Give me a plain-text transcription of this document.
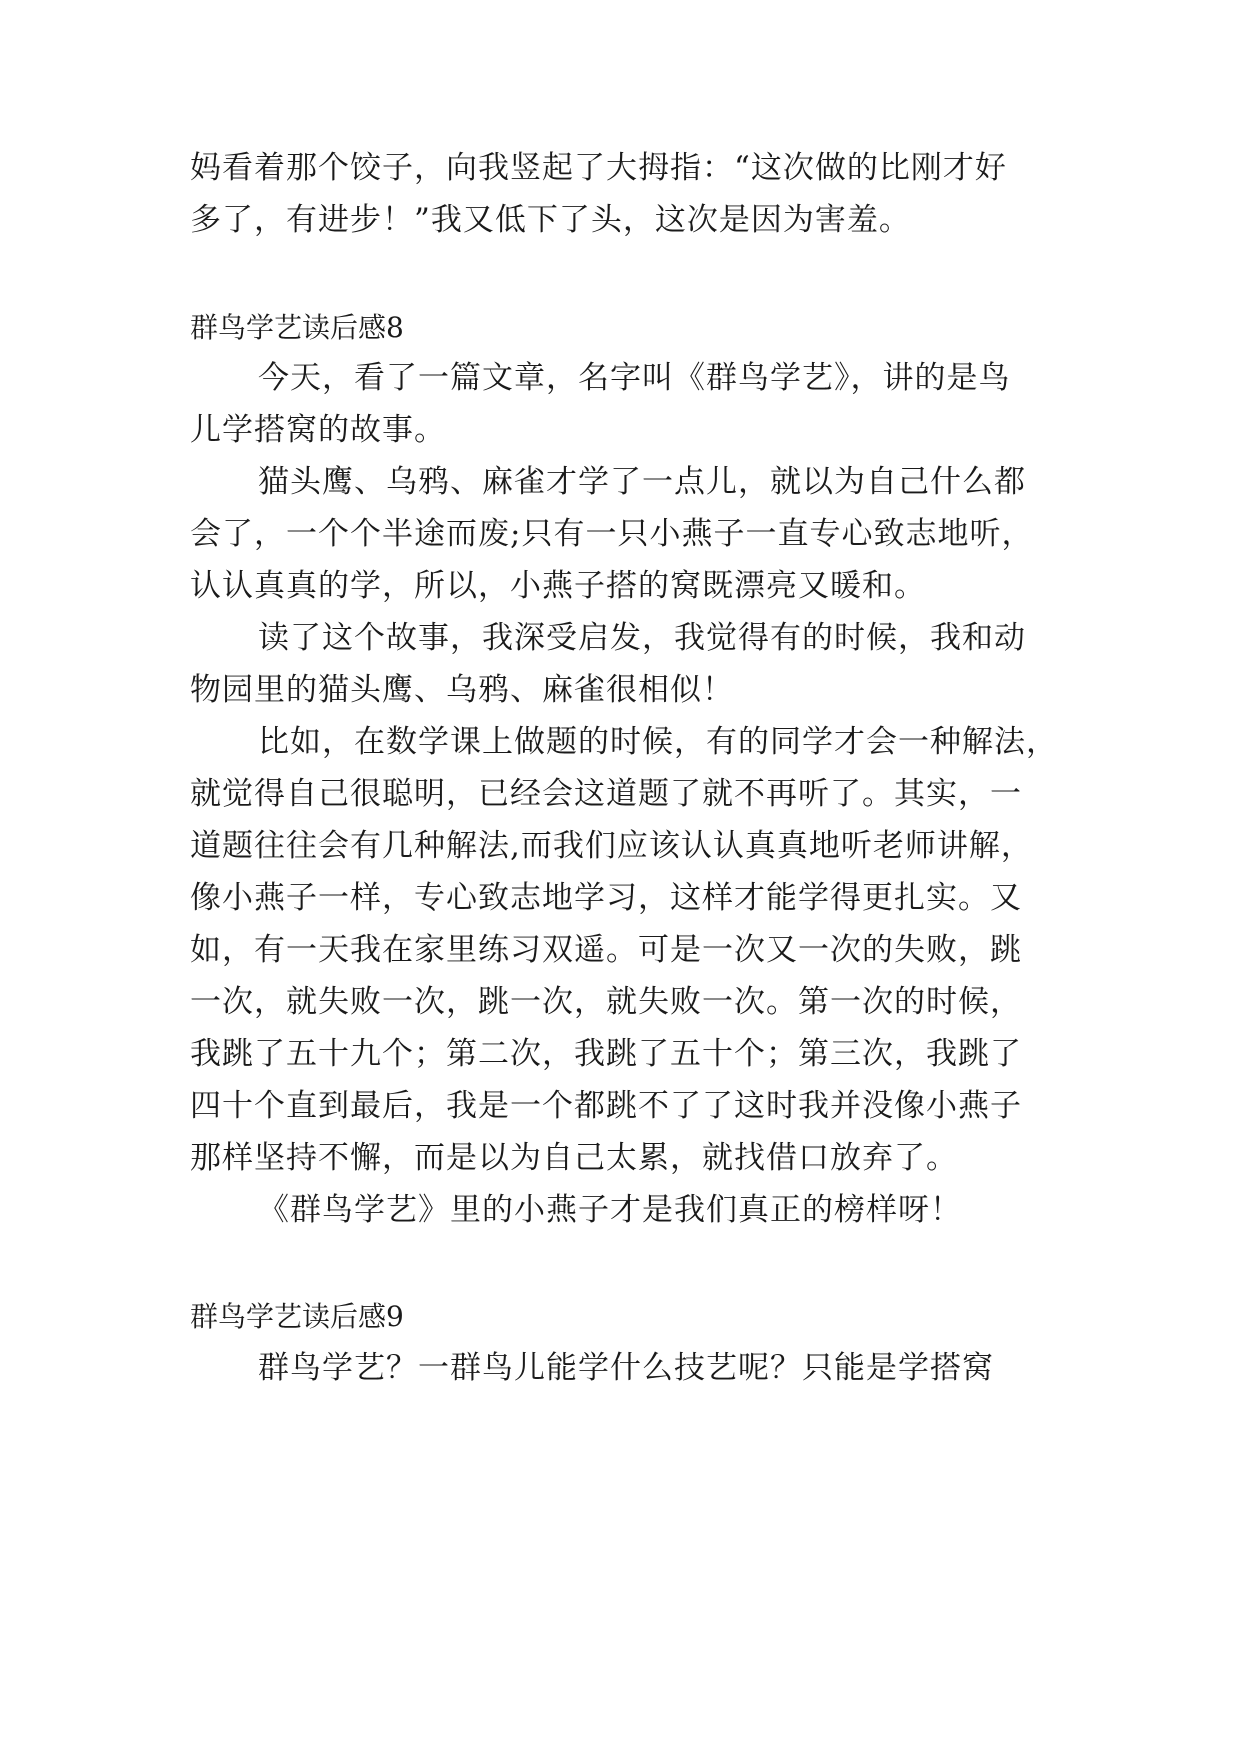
妈看着那个饺子，向我竖起了大拇指：“这次做的比刚才好
多了，有进步！”我又低下了头，这次是因为害羞。
群鸟学艺读后感8
今天，看了一篇文章，名字叫《群鸟学艺》，讲的是鸟
儿学搭窝的故事。
猫头鹰、乌鸦、麻雀才学了一点儿，就以为自己什么都
会了，一个个半途而废;只有一只小燕子一直专心致志地听，
认认真真的学，所以，小燕子搭的窝既漂亮又暖和。
读了这个故事，我深受启发，我觉得有的时候，我和动
物园里的猫头鹰、乌鸦、麻雀很相似！
比如，在数学课上做题的时候，有的同学才会一种解法，
就觉得自己很聪明，已经会这道题了就不再听了。其实，一
道题往往会有几种解法,而我们应该认认真真地听老师讲解，
像小燕子一样，专心致志地学习，这样才能学得更扎实。又
如，有一天我在家里练习双遥。可是一次又一次的失败，跳
一次，就失败一次，跳一次，就失败一次。第一次的时候，
我跳了五十九个；第二次，我跳了五十个；第三次，我跳了
四十个直到最后，我是一个都跳不了了这时我并没像小燕子
那样坚持不懈，而是以为自己太累，就找借口放弃了。
《群鸟学艺》里的小燕子才是我们真正的榜样呀！
群鸟学艺读后感9
群鸟学艺？一群鸟儿能学什么技艺呢？只能是学搭窝
